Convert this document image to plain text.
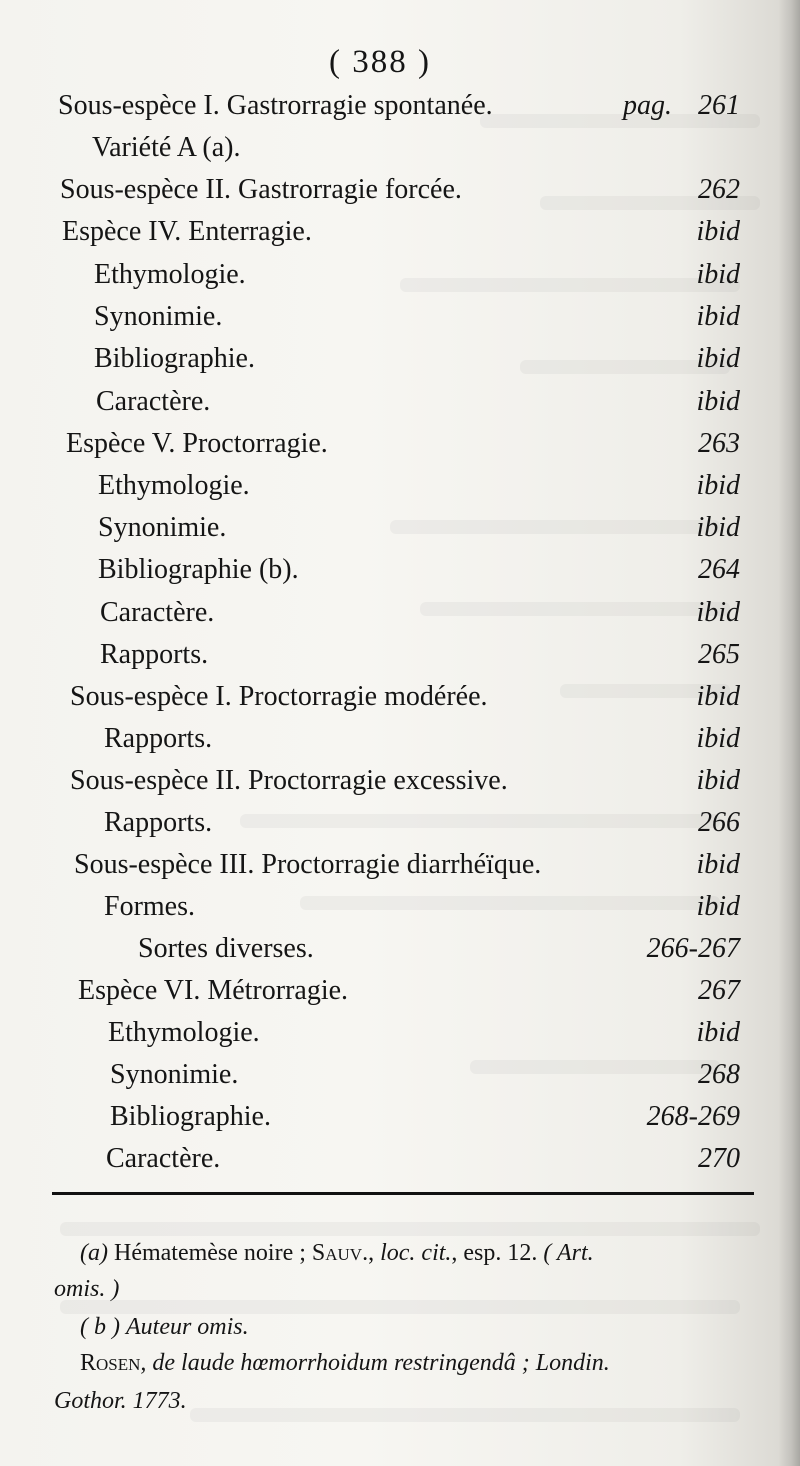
( 388 )
Sous-espèce I. Gastrorragie spontanée.	pag. 261
Variété A (a).
Sous-espèce II. Gastrorragie forcée.	262
Espèce IV. Enterragie.	ibid
Ethymologie.	ibid
Synonimie.	ibid
Bibliographie.	ibid
Caractère.	ibid
Espèce V. Proctorragie.	263
Ethymologie.	ibid
Synonimie.	ibid
Bibliographie (b).	264
Caractère.	ibid
Rapports.	265
Sous-espèce I. Proctorragie modérée.	ibid
Rapports.	ibid
Sous-espèce II. Proctorragie excessive.	ibid
Rapports.	266
Sous-espèce III. Proctorragie diarrhéïque.	ibid
Formes.	ibid
Sortes diverses.	266-267
Espèce VI. Métrorragie.	267
Ethymologie.	ibid
Synonimie.	268
Bibliographie.	268-269
Caractère.	270
(a) Hématemèse noire ; Sauv., loc. cit., esp. 12. ( Art.
omis. )
( b ) Auteur omis.
Rosen, de laude hœmorrhoidum restringendâ ; Londin.
Gothor. 1773.
